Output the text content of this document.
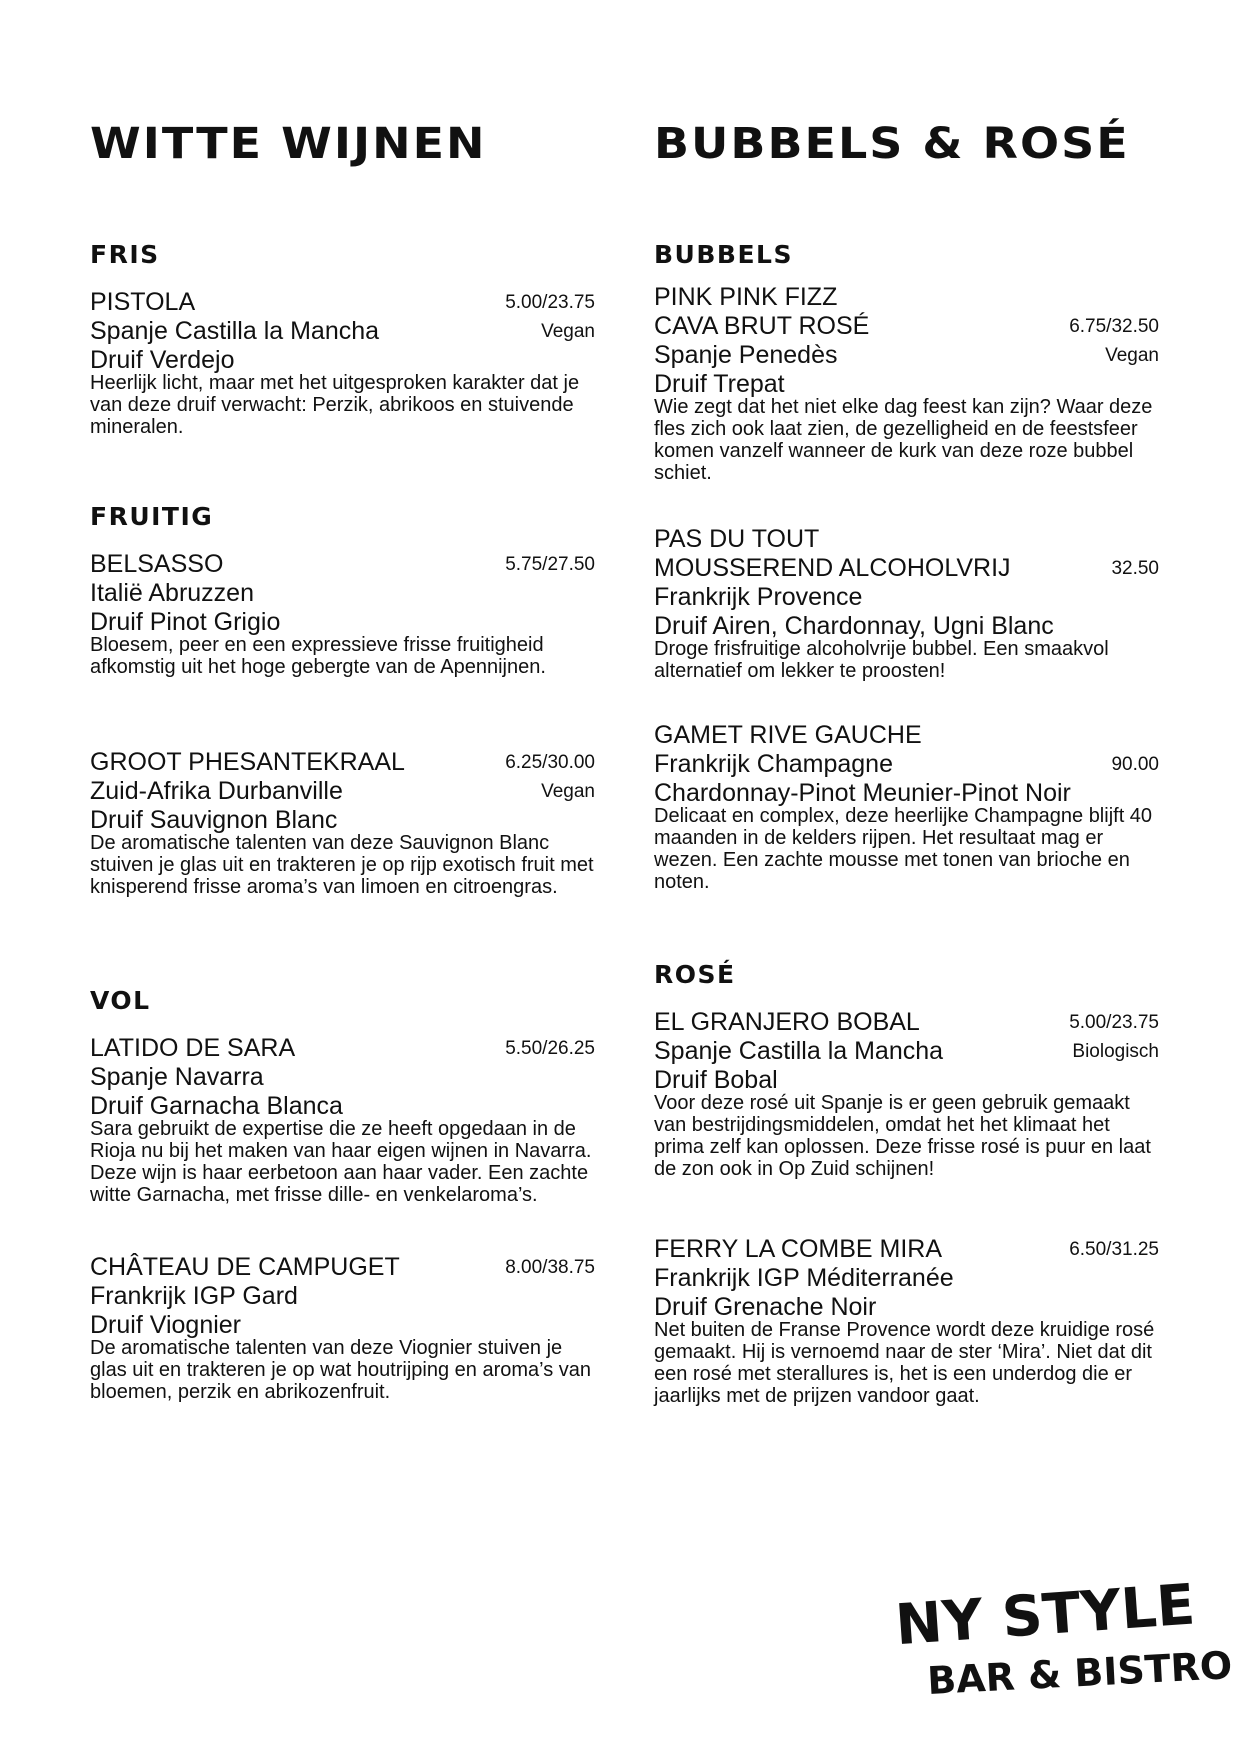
WITTE WIJNEN
FRIS
PISTOLA	5.00/23.75
Spanje Castilla la Mancha	Vegan
Druif Verdejo
Heerlijk licht, maar met het uitgesproken karakter dat je van deze druif verwacht: Perzik, abrikoos en stuivende mineralen.
FRUITIG
BELSASSO	5.75/27.50
Italië Abruzzen
Druif Pinot Grigio
Bloesem, peer en een expressieve frisse fruitigheid afkomstig uit het hoge gebergte van de Apennijnen.
GROOT PHESANTEKRAAL	6.25/30.00
Zuid-Afrika Durbanville	Vegan
Druif Sauvignon Blanc
De aromatische talenten van deze Sauvignon Blanc stuiven je glas uit en trakteren je op rijp exotisch fruit met knisperend frisse aroma’s van limoen en citroengras.
VOL
LATIDO DE SARA	5.50/26.25
Spanje Navarra
Druif Garnacha Blanca
Sara gebruikt de expertise die ze heeft opgedaan in de Rioja nu bij het maken van haar eigen wijnen in Navarra. Deze wijn is haar eerbetoon aan haar vader. Een zachte witte Garnacha, met frisse dille- en venkelaroma’s.
CHÂTEAU DE CAMPUGET	8.00/38.75
Frankrijk IGP Gard
Druif Viognier
De aromatische talenten van deze Viognier stuiven je glas uit en trakteren je op wat houtrijping en aroma’s van bloemen, perzik en abrikozenfruit.
BUBBELS & ROSÉ
BUBBELS
PINK PINK FIZZ
CAVA BRUT ROSÉ	6.75/32.50
Spanje Penedès	Vegan
Druif Trepat
Wie zegt dat het niet elke dag feest kan zijn? Waar deze fles zich ook laat zien, de gezelligheid en de feestsfeer komen vanzelf wanneer de kurk van deze roze bubbel schiet.
PAS DU TOUT
MOUSSEREND ALCOHOLVRIJ	32.50
Frankrijk Provence
Druif Airen, Chardonnay, Ugni Blanc
Droge frisfruitige alcoholvrije bubbel. Een smaakvol alternatief om lekker te proosten!
GAMET RIVE GAUCHE
Frankrijk Champagne	90.00
Chardonnay-Pinot Meunier-Pinot Noir
Delicaat en complex, deze heerlijke Champagne blijft 40 maanden in de kelders rijpen. Het resultaat mag er wezen. Een zachte mousse met tonen van brioche en noten.
ROSÉ
EL GRANJERO BOBAL	5.00/23.75
Spanje Castilla la Mancha	Biologisch
Druif Bobal
Voor deze rosé uit Spanje is er geen gebruik gemaakt van bestrijdingsmiddelen, omdat het het klimaat het prima zelf kan oplossen. Deze frisse rosé is puur en laat de zon ook in Op Zuid schijnen!
FERRY LA COMBE MIRA	6.50/31.25
Frankrijk IGP Méditerranée
Druif Grenache Noir
Net buiten de Franse Provence wordt deze kruidige rosé gemaakt. Hij is vernoemd naar de ster ‘Mira’. Niet dat dit een rosé met sterallures is, het is een underdog die er jaarlijks met de prijzen vandoor gaat.
NY STYLE
BAR & BISTRO
